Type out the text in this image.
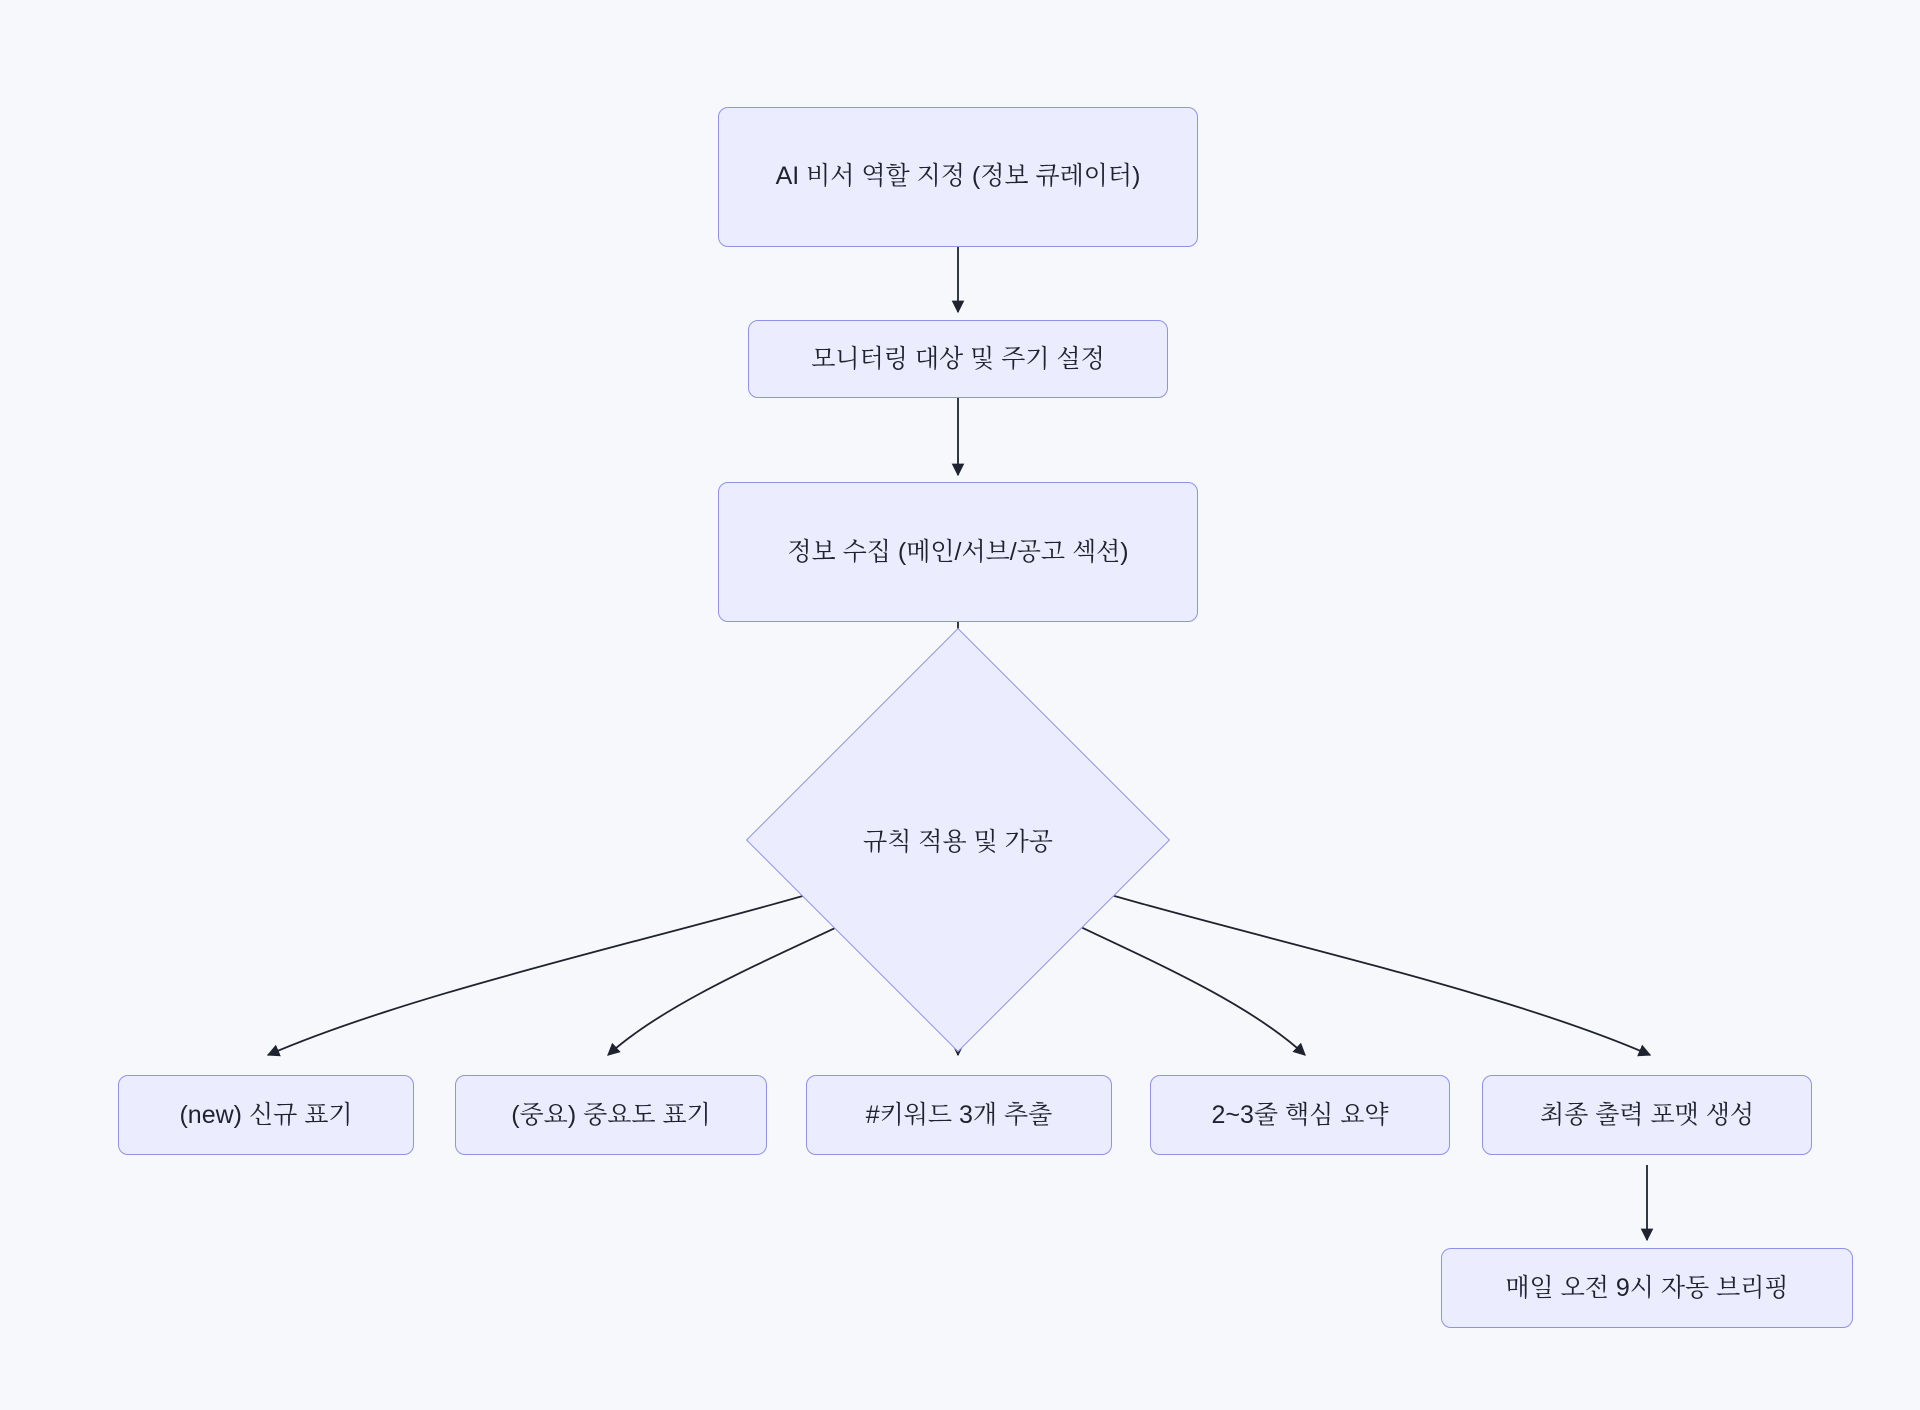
AI 비서 역할 지정 (정보 큐레이터)
모니터링 대상 및 주기 설정
정보 수집 (메인/서브/공고 섹션)
규칙 적용 및 가공
(new) 신규 표기	(중요) 중요도 표기	#키워드 3개 추출	2~3줄 핵심 요약	최종 출력 포맷 생성
매일 오전 9시 자동 브리핑
